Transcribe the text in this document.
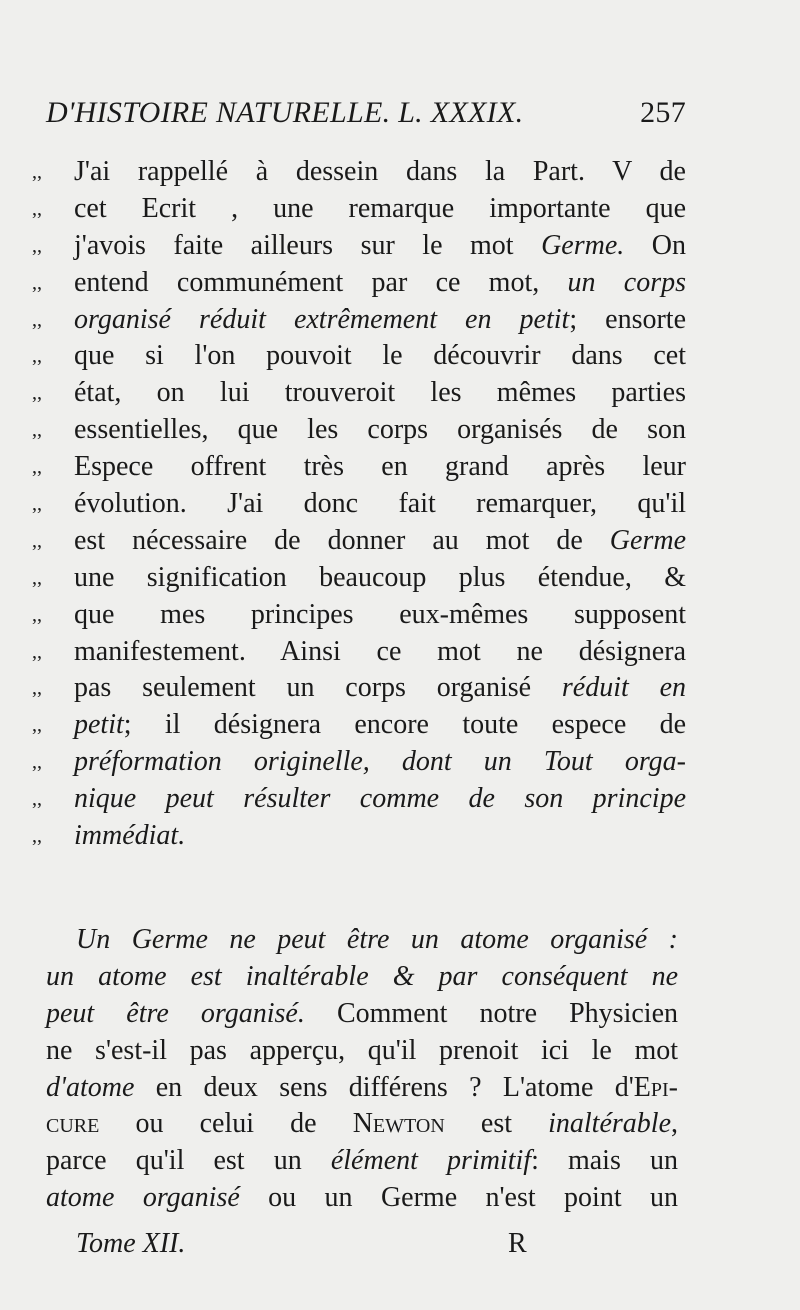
D'HISTOIRE NATURELLE. L. XXXIX.	257
,, J'ai rappellé à dessein dans la Part. V de
,, cet Ecrit , une remarque importante que
,, j'avois faite ailleurs sur le mot Germe. On
,, entend communément par ce mot, un corps
,, organisé réduit extrêmement en petit; ensorte
,, que si l'on pouvoit le découvrir dans cet
,, état, on lui trouveroit les mêmes parties
,, essentielles, que les corps organisés de son
,, Espece offrent très en grand après leur
,, évolution. J'ai donc fait remarquer, qu'il
,, est nécessaire de donner au mot de Germe
,, une signification beaucoup plus étendue, &
,, que mes principes eux-mêmes supposent
,, manifestement. Ainsi ce mot ne désignera
,, pas seulement un corps organisé réduit en
,, petit; il désignera encore toute espece de
,, préformation originelle, dont un Tout orga-
,, nique peut résulter comme de son principe
,, immédiat.
Un Germe ne peut être un atome organisé :
un atome est inaltérable & par conséquent ne
peut être organisé. Comment notre Physicien
ne s'est-il pas apperçu, qu'il prenoit ici le mot
d'atome en deux sens différens ? L'atome d'Epi-
cure ou celui de Newton est inaltérable,
parce qu'il est un élément primitif: mais un
atome organisé ou un Germe n'est point un
Tome XII.	R
